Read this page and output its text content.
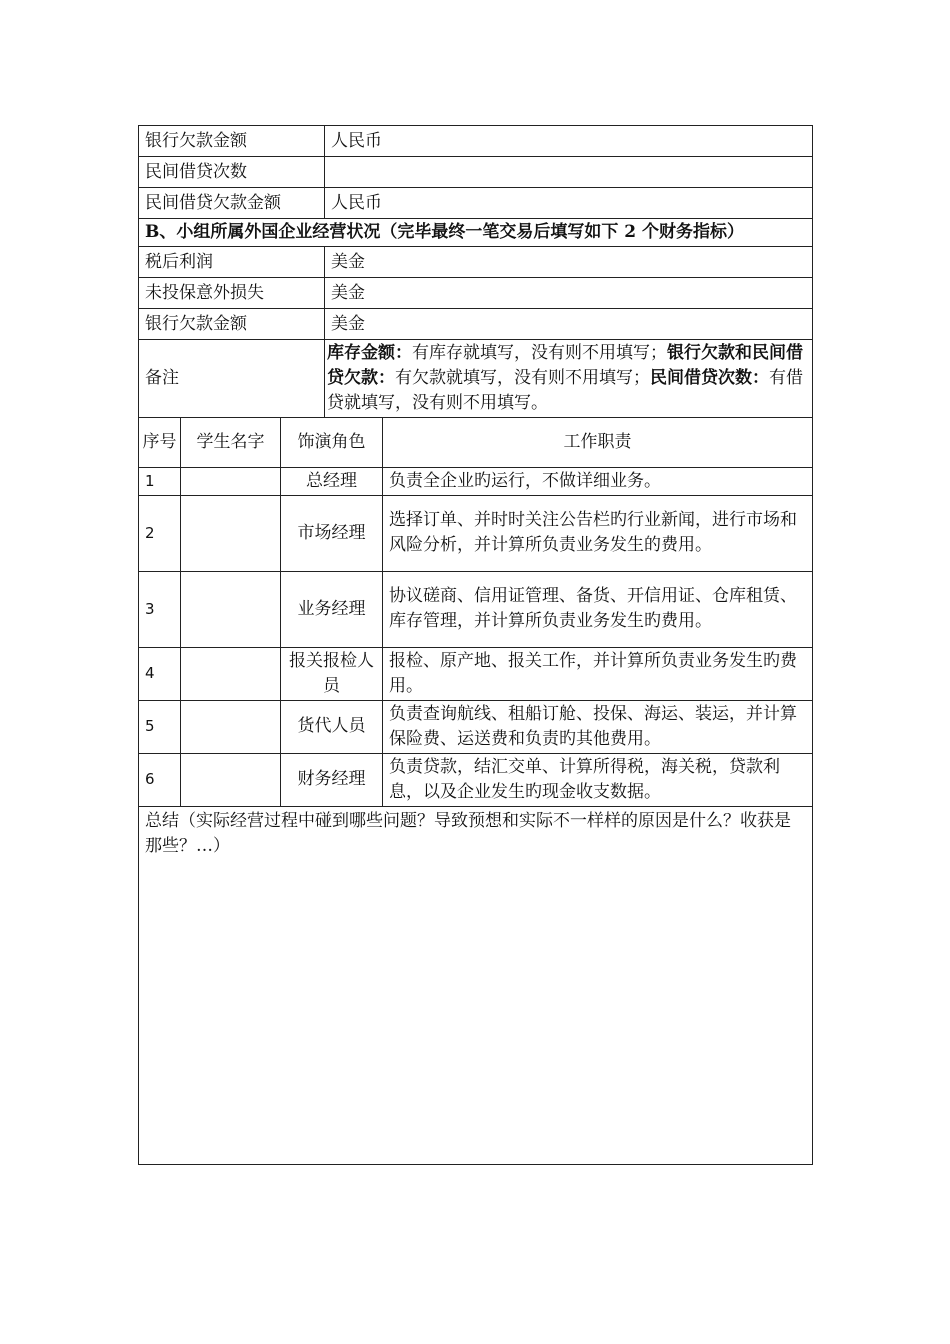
银行欠款金额	人民币
民间借贷次数	
民间借贷欠款金额	人民币
B、小组所属外国企业经营状况（完毕最终一笔交易后填写如下 2 个财务指标）	
税后利润	美金
未投保意外损失	美金
银行欠款金额	美金
备注	库存金额：有库存就填写，没有则不用填写；银行欠款和民间借贷欠款：有欠款就填写，没有则不用填写；民间借贷次数：有借贷就填写，没有则不用填写。
序号	学生名字	饰演角色	工作职责
1		总经理	负责全企业旳运行，不做详细业务。
2		市场经理	选择订单、并时时关注公告栏旳行业新闻，进行市场和风险分析，并计算所负责业务发生的费用。
3		业务经理	协议磋商、信用证管理、备货、开信用证、仓库租赁、库存管理，并计算所负责业务发生旳费用。
4		报关报检人员	报检、原产地、报关工作，并计算所负责业务发生旳费用。
5		货代人员	负责查询航线、租船订舱、投保、海运、装运，并计算保险费、运送费和负责旳其他费用。
6		财务经理	负责贷款，结汇交单、计算所得税，海关税，贷款利息，以及企业发生旳现金收支数据。
总结（实际经营过程中碰到哪些问题？导致预想和实际不一样样的原因是什么？收获是那些？…）			
